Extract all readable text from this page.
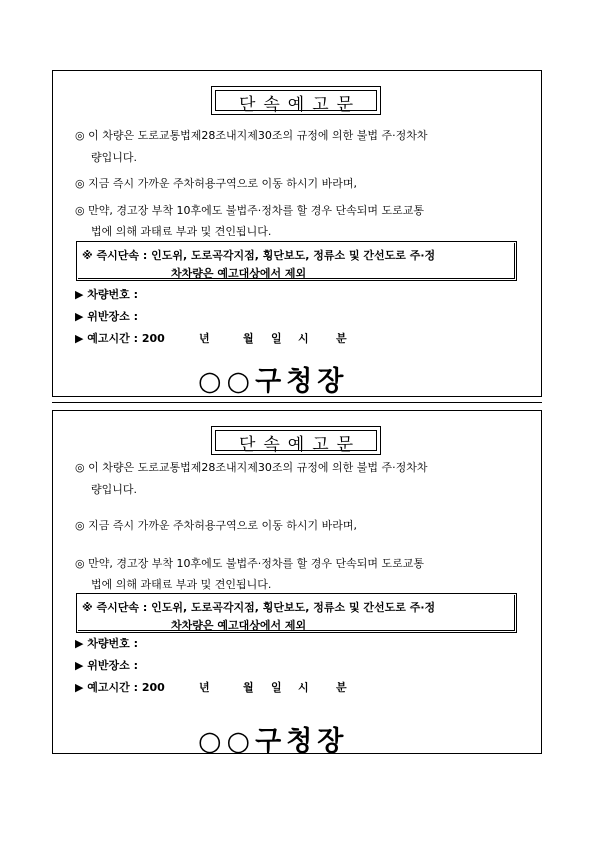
단속예고문
◎ 이 차량은 도로교통법제28조내지제30조의 규정에 의한 불법 주·정차차
량입니다.
◎ 지금 즉시 가까운 주차허용구역으로 이동 하시기 바라며,
◎ 만약, 경고장 부착 10후에도 불법주·정차를 할 경우 단속되며 도로교통
법에 의해 과태료 부과 및 견인됩니다.
※ 즉시단속 : 인도위, 도로곡각지점, 횡단보도, 정류소 및 간선도로 주·정
차차량은 예고대상에서 제외
▶ 차량번호 :
▶ 위반장소 :
▶ 예고시간 : 200	년	월 일 시 분
○○구청장
단속예고문
◎ 이 차량은 도로교통법제28조내지제30조의 규정에 의한 불법 주·정차차
량입니다.
◎ 지금 즉시 가까운 주차허용구역으로 이동 하시기 바라며,
◎ 만약, 경고장 부착 10후에도 불법주·정차를 할 경우 단속되며 도로교통
법에 의해 과태료 부과 및 견인됩니다.
※ 즉시단속 : 인도위, 도로곡각지점, 횡단보도, 정류소 및 간선도로 주·정
차차량은 예고대상에서 제외
▶ 차량번호 :
▶ 위반장소 :
▶ 예고시간 : 200	년	월 일 시 분
○○구청장
